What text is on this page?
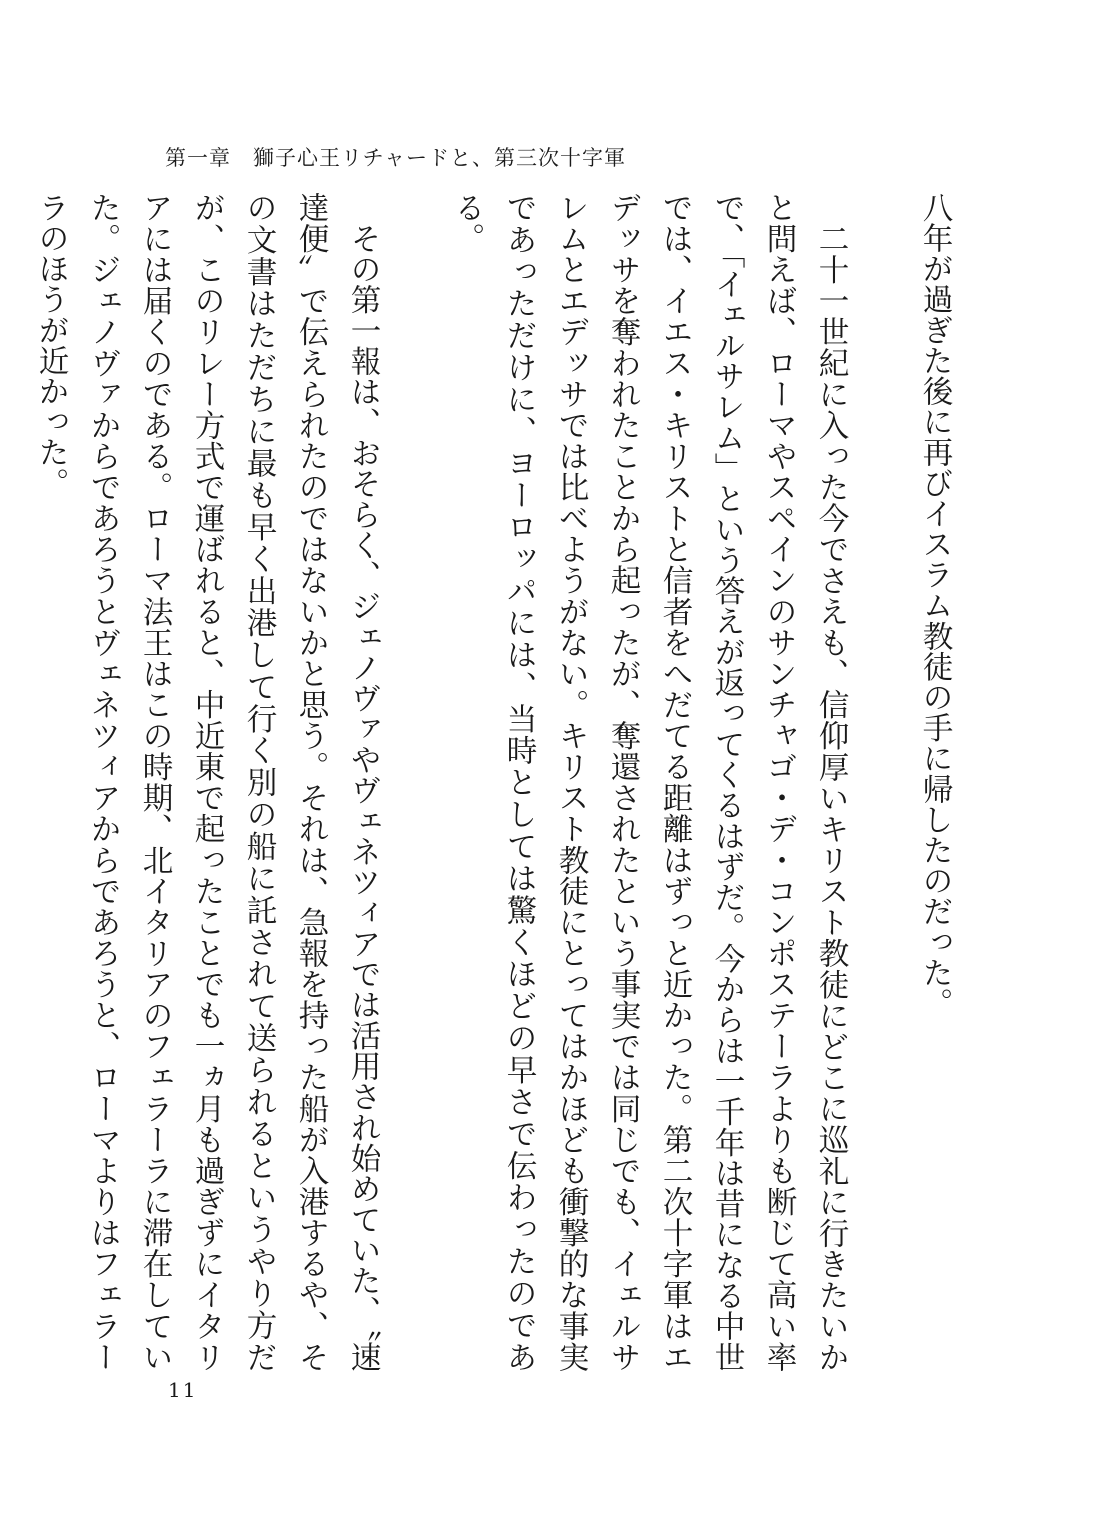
第一章　獅子心王リチャードと、第三次十字軍

八年が過ぎた後に再びイスラム教徒の手に帰したのだった。

二十一世紀に入った今でさえも、信仰厚いキリスト教徒にどこに巡礼に行きたいかと問えば、ローマやスペインのサンチャゴ・デ・コンポステーラよりも断じて高い率で、「イェルサレム」という答えが返ってくるはずだ。今からは一千年は昔になる中世では、イエス・キリストと信者をへだてる距離はずっと近かった。第二次十字軍はエデッサを奪われたことから起ったが、奪還されたという事実では同じでも、イェルサレムとエデッサでは比べようがない。キリスト教徒にとってはかほども衝撃的な事実であっただけに、ヨーロッパには、当時としては驚くほどの早さで伝わったのである。

その第一報は、おそらく、ジェノヴァやヴェネツィアでは活用され始めていた、〝速達便〟で伝えられたのではないかと思う。それは、急報を持った船が入港するや、その文書はただちに最も早く出港して行く別の船に託されて送られるというやり方だが、このリレー方式で運ばれると、中近東で起ったことでも一ヵ月も過ぎずにイタリアには届くのである。ローマ法王はこの時期、北イタリアのフェラーラに滞在していた。ジェノヴァからであろうとヴェネツィアからであろうと、ローマよりはフェラーラのほうが近かった。

11
